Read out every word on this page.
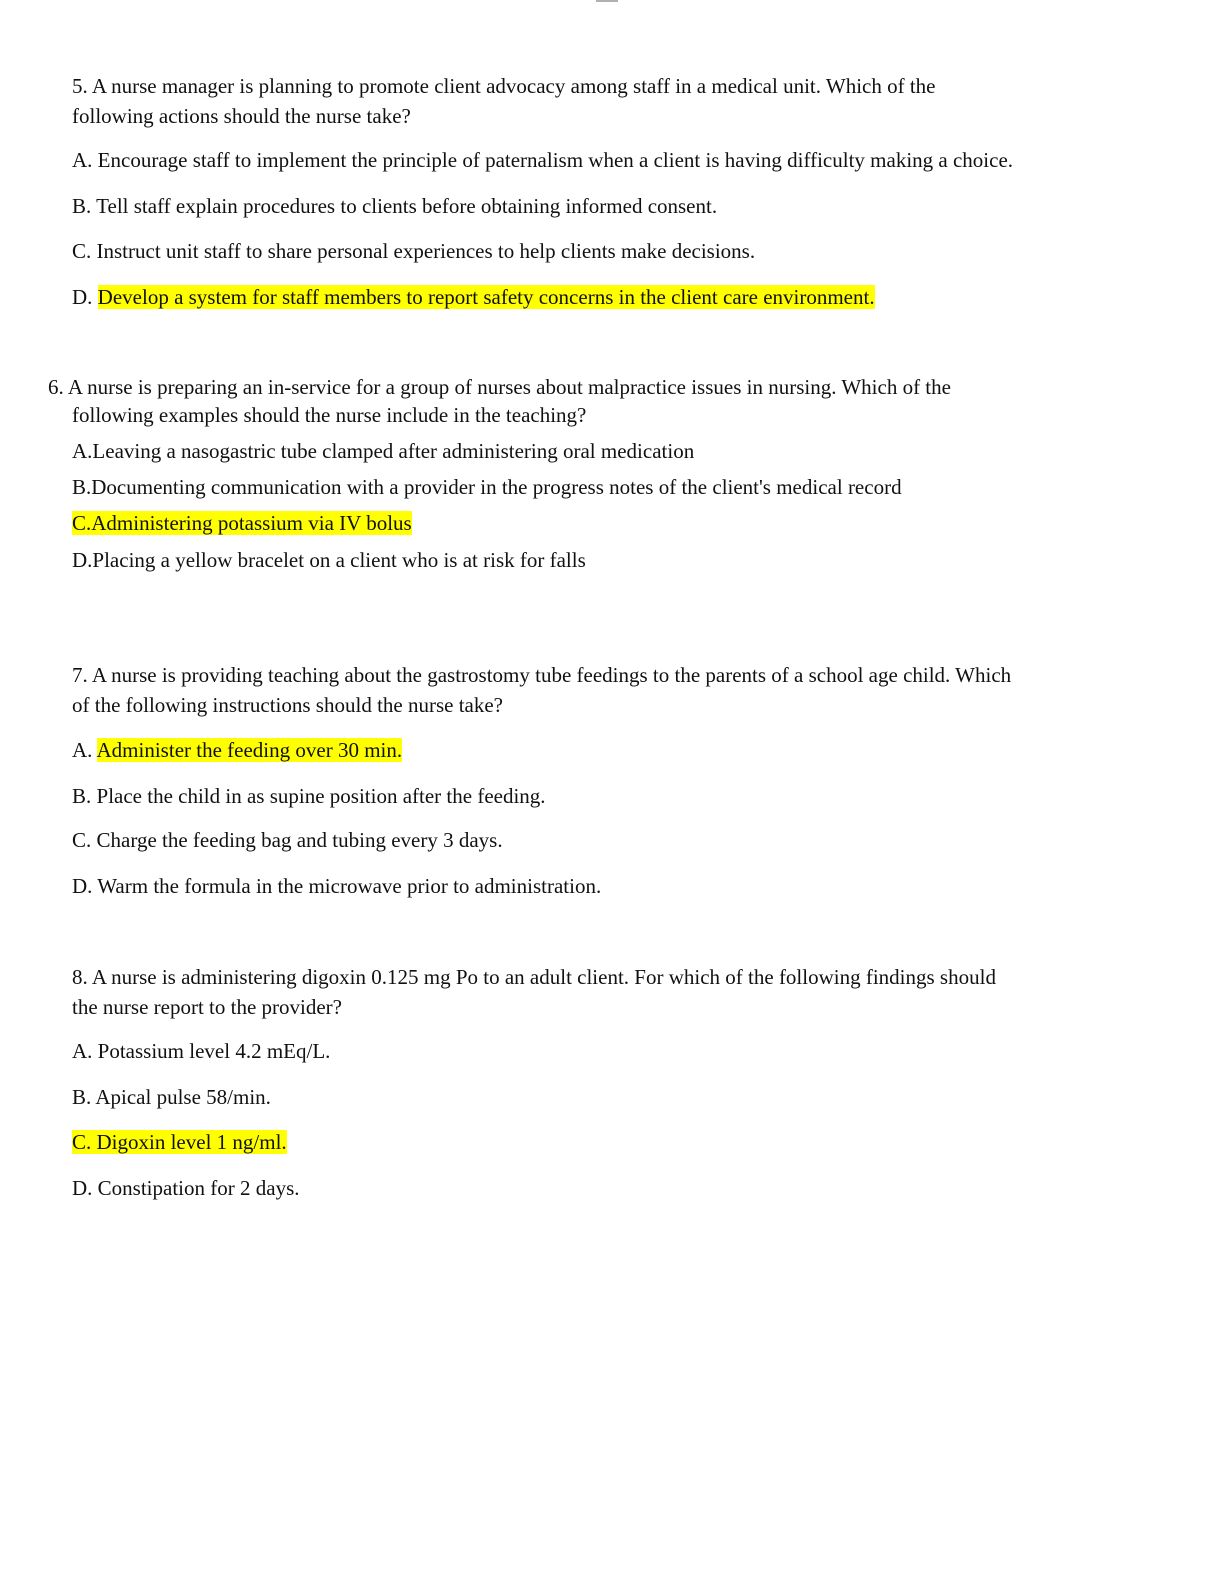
5. A nurse manager is planning to promote client advocacy among staff in a medical unit. Which of the

following actions should the nurse take?

A. Encourage staff to implement the principle of paternalism when a client is having difficulty making a choice.

B. Tell staff explain procedures to clients before obtaining informed consent.

C. Instruct unit staff to share personal experiences to help clients make decisions.

D. Develop a system for staff members to report safety concerns in the client care environment.

6. A nurse is preparing an in-service for a group of nurses about malpractice issues in nursing. Which of the

following examples should the nurse include in the teaching?

A.Leaving a nasogastric tube clamped after administering oral medication

B.Documenting communication with a provider in the progress notes of the client's medical record

C.Administering potassium via IV bolus

D.Placing a yellow bracelet on a client who is at risk for falls

7. A nurse is providing teaching about the gastrostomy tube feedings to the parents of a school age child. Which

of the following instructions should the nurse take?

A. Administer the feeding over 30 min.

B. Place the child in as supine position after the feeding.

C. Charge the feeding bag and tubing every 3 days.

D. Warm the formula in the microwave prior to administration.

8. A nurse is administering digoxin 0.125 mg Po to an adult client. For which of the following findings should

the nurse report to the provider?

A. Potassium level 4.2 mEq/L.

B. Apical pulse 58/min.

C. Digoxin level 1 ng/ml.

D. Constipation for 2 days.
